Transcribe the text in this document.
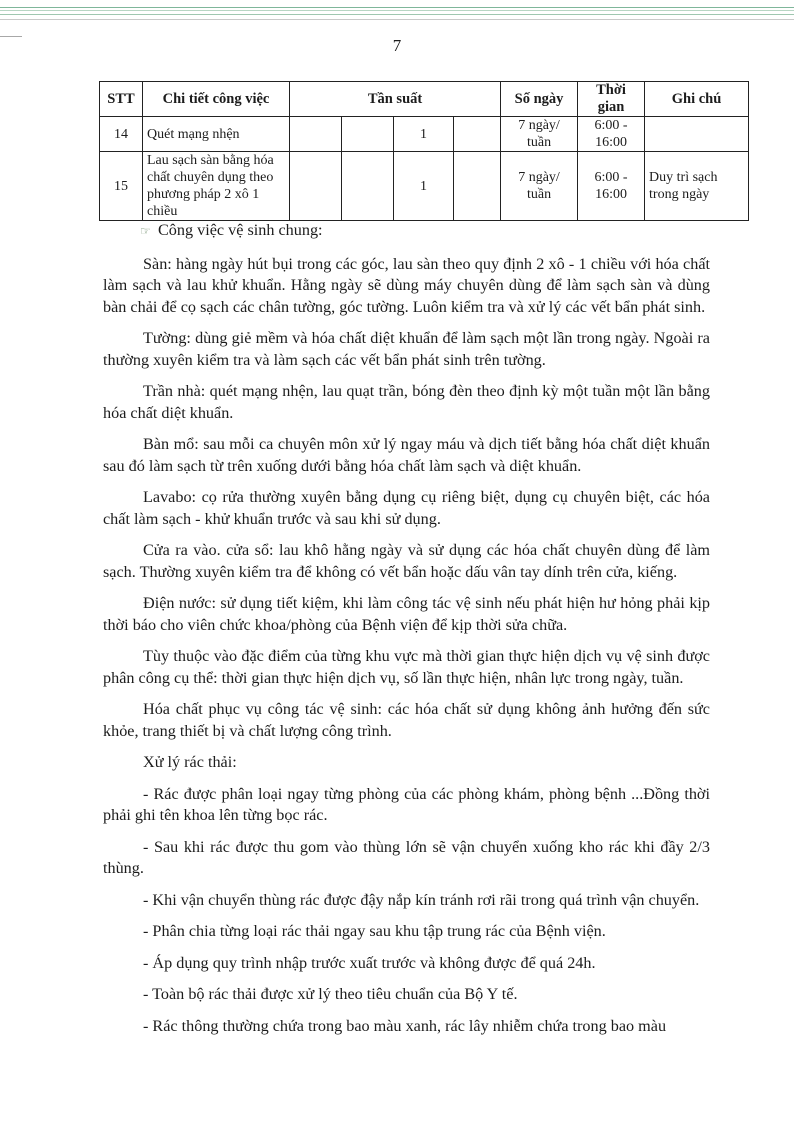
7
STT	Chi tiết công việc	Tần suất				Số ngày	Thời gian	Ghi chú
14	Quét mạng nhện			1		7 ngày/ tuần	6:00 - 16:00	
15	Lau sạch sàn bằng hóa chất chuyên dụng theo phương pháp 2 xô 1 chiều			1		7 ngày/ tuần	6:00 - 16:00	Duy trì sạch trong ngày

☞ Công việc vệ sinh chung:

Sàn: hàng ngày hút bụi trong các góc, lau sàn theo quy định 2 xô - 1 chiều với hóa chất làm sạch và lau khử khuẩn. Hằng ngày sẽ dùng máy chuyên dùng để làm sạch sàn và dùng bàn chải để cọ sạch các chân tường, góc tường. Luôn kiểm tra và xử lý các vết bẩn phát sinh.

Tường: dùng giẻ mềm và hóa chất diệt khuẩn để làm sạch một lần trong ngày. Ngoài ra thường xuyên kiểm tra và làm sạch các vết bẩn phát sinh trên tường.

Trần nhà: quét mạng nhện, lau quạt trần, bóng đèn theo định kỳ một tuần một lần bằng hóa chất diệt khuẩn.

Bàn mổ: sau mỗi ca chuyên môn xử lý ngay máu và dịch tiết bằng hóa chất diệt khuẩn sau đó làm sạch từ trên xuống dưới bằng hóa chất làm sạch và diệt khuẩn.

Lavabo: cọ rửa thường xuyên bằng dụng cụ riêng biệt, dụng cụ chuyên biệt, các hóa chất làm sạch - khử khuẩn trước và sau khi sử dụng.

Cửa ra vào. cửa sổ: lau khô hằng ngày và sử dụng các hóa chất chuyên dùng để làm sạch. Thường xuyên kiểm tra để không có vết bẩn hoặc dấu vân tay dính trên cửa, kiếng.

Điện nước: sử dụng tiết kiệm, khi làm công tác vệ sinh nếu phát hiện hư hỏng phải kịp thời báo cho viên chức khoa/phòng của Bệnh viện để kịp thời sửa chữa.

Tùy thuộc vào đặc điểm của từng khu vực mà thời gian thực hiện dịch vụ vệ sinh được phân công cụ thể: thời gian thực hiện dịch vụ, số lần thực hiện, nhân lực trong ngày, tuần.

Hóa chất phục vụ công tác vệ sinh: các hóa chất sử dụng không ảnh hưởng đến sức khỏe, trang thiết bị và chất lượng công trình.

Xử lý rác thải:

- Rác được phân loại ngay từng phòng của các phòng khám, phòng bệnh ...Đồng thời phải ghi tên khoa lên từng bọc rác.

- Sau khi rác được thu gom vào thùng lớn sẽ vận chuyển xuống kho rác khi đầy 2/3 thùng.

- Khi vận chuyển thùng rác được đậy nắp kín tránh rơi rãi trong quá trình vận chuyển.

- Phân chia từng loại rác thải ngay sau khu tập trung rác của Bệnh viện.

- Áp dụng quy trình nhập trước xuất trước và không được để quá 24h.

- Toàn bộ rác thải được xử lý theo tiêu chuẩn của Bộ Y tế.

- Rác thông thường chứa trong bao màu xanh, rác lây nhiễm chứa trong bao màu
